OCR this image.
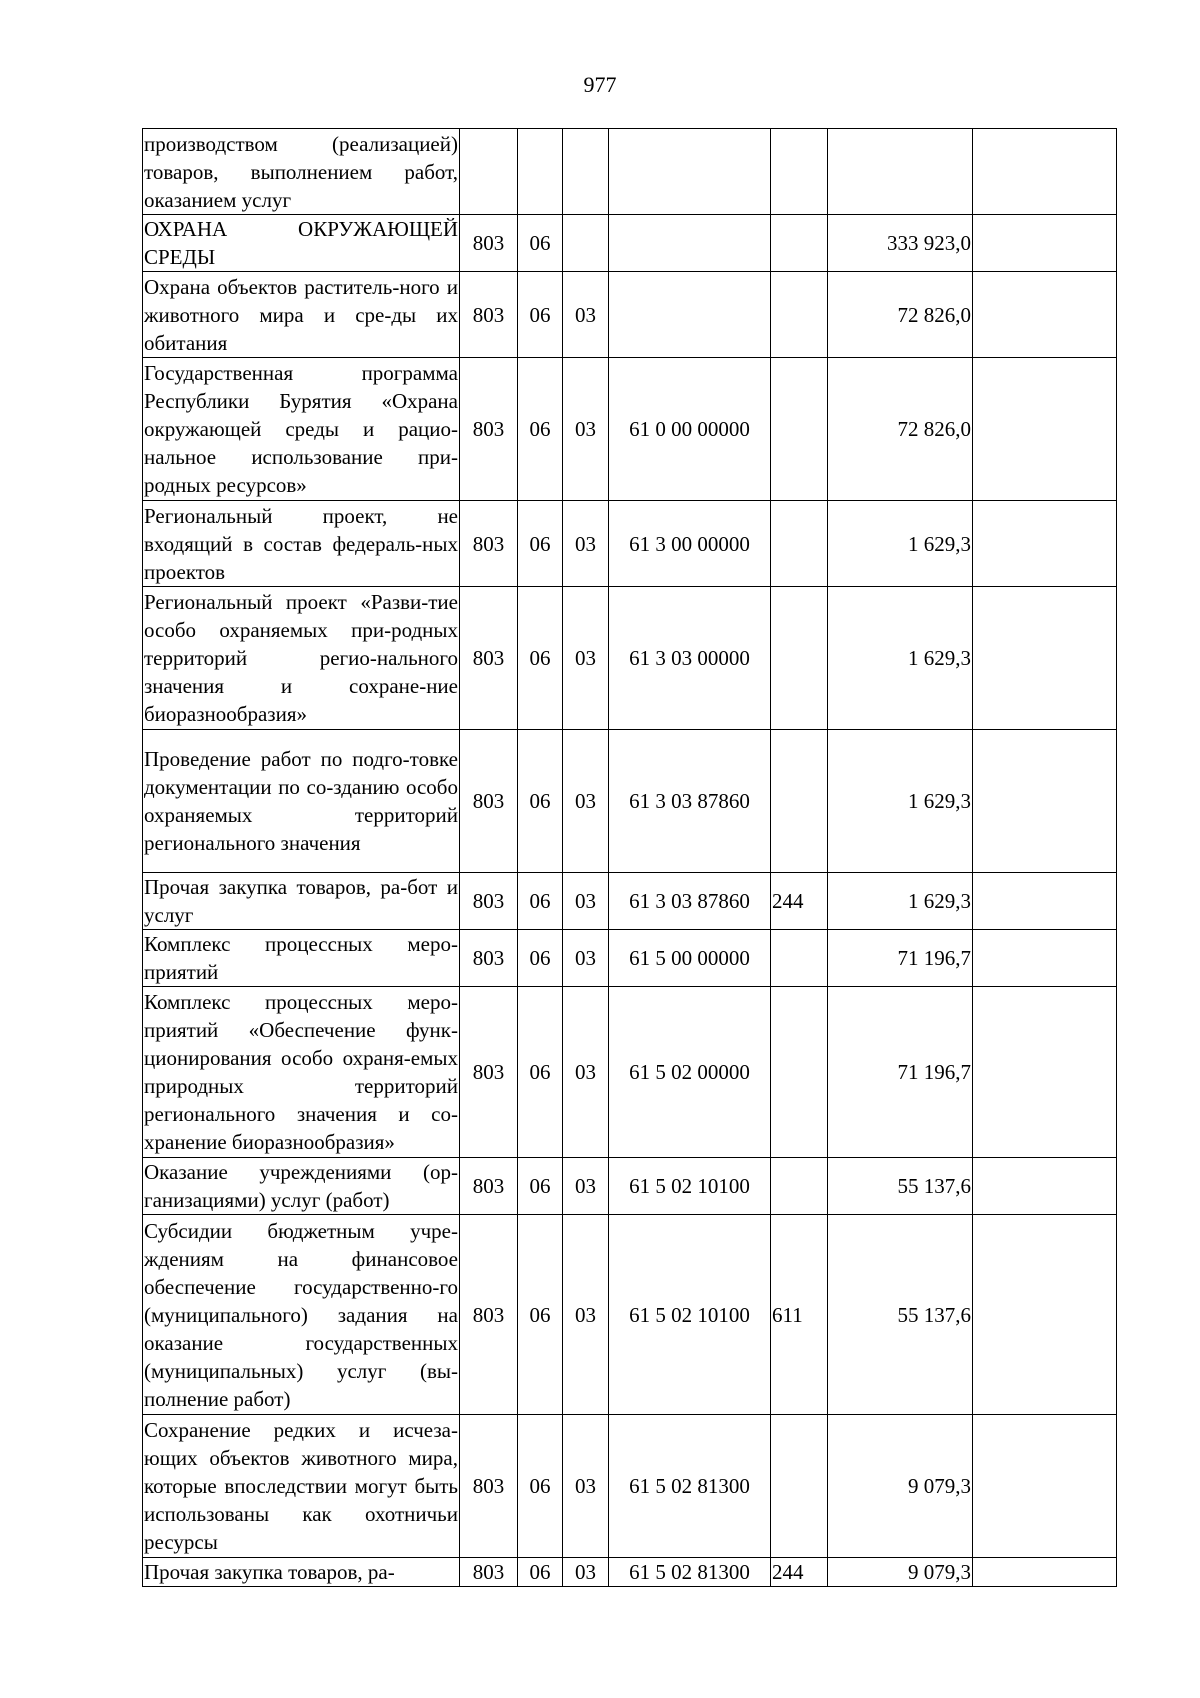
977
производством (реализацией) товаров, выполнением работ, оказанием услуг							
ОХРАНА ОКРУЖАЮЩЕЙ СРЕДЫ	803	06				333 923,0	
Охрана объектов раститель-ного и животного мира и сре-ды их обитания	803	06	03			72 826,0	
Государственная программа Республики Бурятия «Охрана окружающей среды и рацио-нальное использование при-родных ресурсов»	803	06	03	61 0 00 00000		72 826,0	
Региональный проект, не входящий в состав федераль-ных проектов	803	06	03	61 3 00 00000		1 629,3	
Региональный проект «Разви-тие особо охраняемых при-родных территорий регио-нального значения и сохране-ние биоразнообразия»	803	06	03	61 3 03 00000		1 629,3	
Проведение работ по подго-товке документации по со-зданию особо охраняемых территорий регионального значения	803	06	03	61 3 03 87860		1 629,3	
Прочая закупка товаров, ра-бот и услуг	803	06	03	61 3 03 87860	244	1 629,3	
Комплекс процессных меро-приятий	803	06	03	61 5 00 00000		71 196,7	
Комплекс процессных меро-приятий «Обеспечение функ-ционирования особо охраня-емых природных территорий регионального значения и со-хранение биоразнообразия»	803	06	03	61 5 02 00000		71 196,7	
Оказание учреждениями (ор-ганизациями) услуг (работ)	803	06	03	61 5 02 10100		55 137,6	
Субсидии бюджетным учре-ждениям на финансовое обеспечение государственно-го (муниципального) задания на оказание государственных (муниципальных) услуг (вы-полнение работ)	803	06	03	61 5 02 10100	611	55 137,6	
Сохранение редких и исчеза-ющих объектов животного мира, которые впоследствии могут быть использованы как охотничьи ресурсы	803	06	03	61 5 02 81300		9 079,3	
Прочая закупка товаров, ра-	803	06	03	61 5 02 81300	244	9 079,3	
